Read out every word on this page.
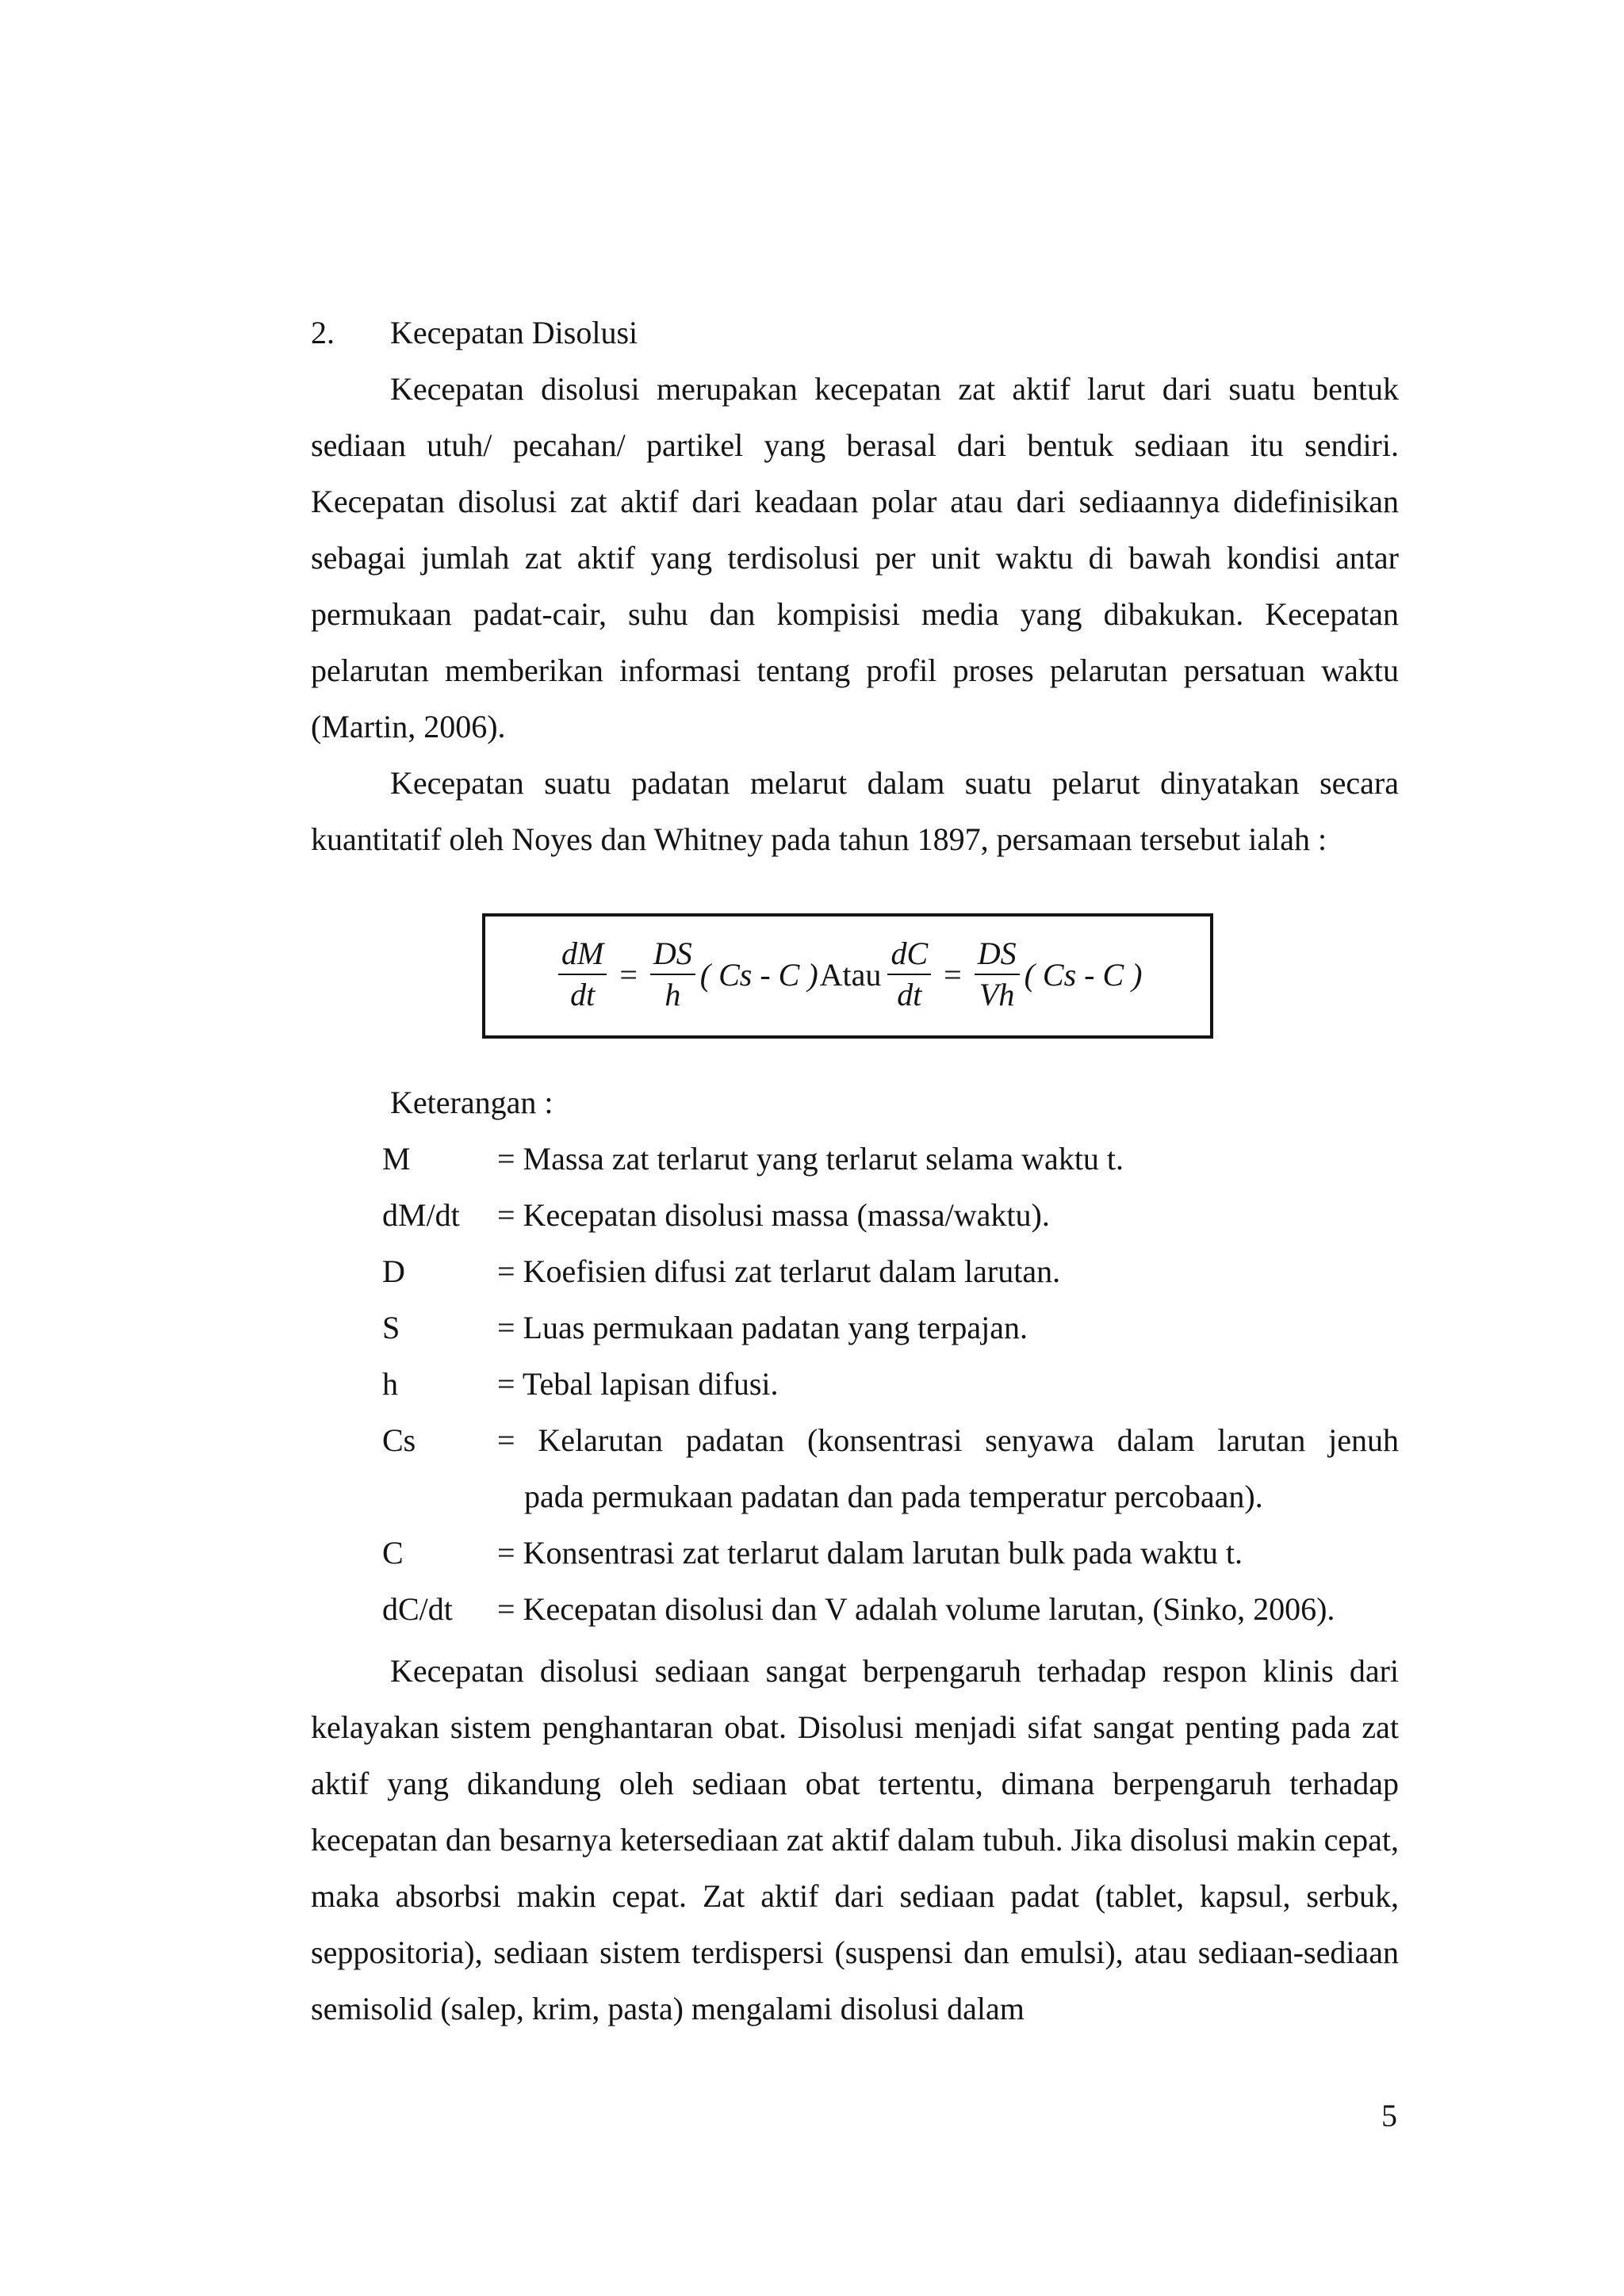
2.	Kecepatan Disolusi

Kecepatan disolusi merupakan kecepatan zat aktif larut dari suatu bentuk sediaan utuh/ pecahan/ partikel yang berasal dari bentuk sediaan itu sendiri. Kecepatan disolusi zat aktif dari keadaan polar atau dari sediaannya didefinisikan sebagai jumlah zat aktif yang terdisolusi per unit waktu di bawah kondisi antar permukaan padat-cair, suhu dan kompisisi media yang dibakukan. Kecepatan pelarutan memberikan informasi tentang profil proses pelarutan persatuan waktu (Martin, 2006).

Kecepatan suatu padatan melarut dalam suatu pelarut dinyatakan secara kuantitatif oleh Noyes dan Whitney pada tahun 1897, persamaan tersebut ialah :

$\frac{dM}{dt} = \frac{DS}{h}$ ( Cs - C ) Atau $\frac{dC}{dt} = \frac{DS}{Vh}$ ( Cs - C )
Keterangan :
M	= Massa zat terlarut yang terlarut selama waktu t.
dM/dt	= Kecepatan disolusi massa (massa/waktu).
D	= Koefisien difusi zat terlarut dalam larutan.
S	= Luas permukaan padatan yang terpajan.
h	= Tebal lapisan difusi.
Cs	= Kelarutan padatan (konsentrasi senyawa dalam larutan jenuh
pada permukaan padatan dan pada temperatur percobaan).
C	= Konsentrasi zat terlarut dalam larutan bulk pada waktu t.
dC/dt	= Kecepatan disolusi dan V adalah volume larutan, (Sinko, 2006).

Kecepatan disolusi sediaan sangat berpengaruh terhadap respon klinis dari kelayakan sistem penghantaran obat. Disolusi menjadi sifat sangat penting pada zat aktif yang dikandung oleh sediaan obat tertentu, dimana berpengaruh terhadap kecepatan dan besarnya ketersediaan zat aktif dalam tubuh. Jika disolusi makin cepat, maka absorbsi makin cepat. Zat aktif dari sediaan padat (tablet, kapsul, serbuk, seppositoria), sediaan sistem terdispersi (suspensi dan emulsi), atau sediaan-sediaan semisolid (salep, krim, pasta) mengalami disolusi dalam

5
